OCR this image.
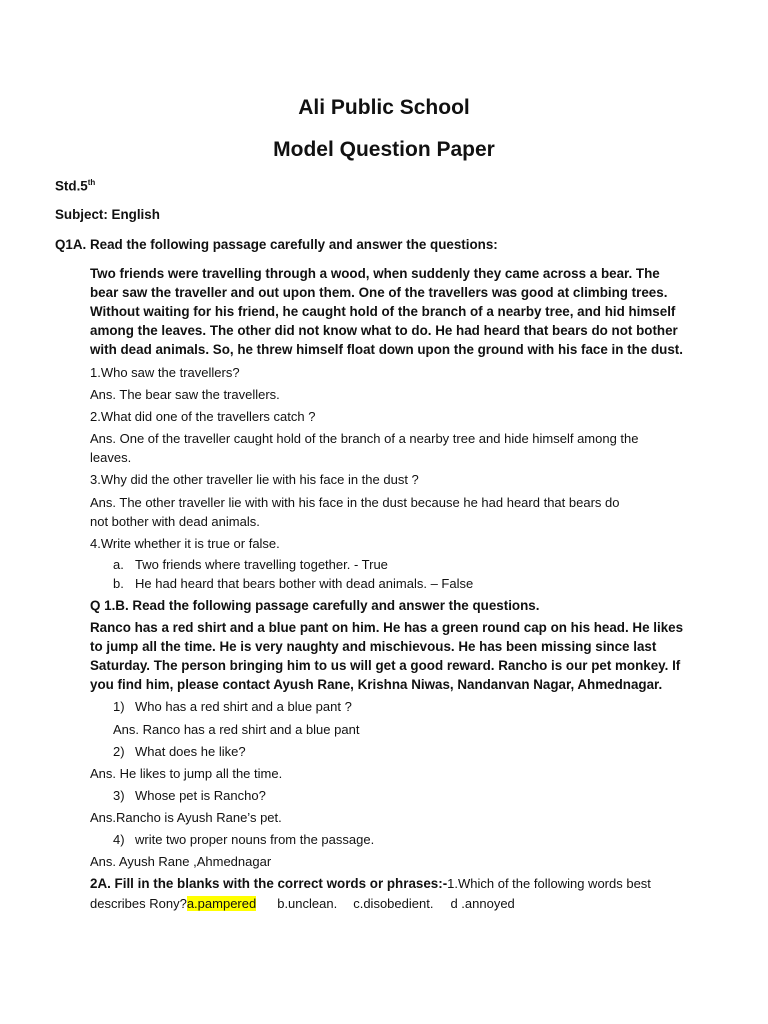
Ali Public School
Model Question Paper
Std.5th
Subject: English
Q1A. Read the following passage carefully and answer the questions:
Two friends were travelling through a wood, when suddenly they came across a bear. The
bear saw the traveller and out upon them. One of the travellers was good at climbing trees.
Without waiting for his friend, he caught hold of the branch of a nearby tree, and hid himself
among the leaves. The other did not know what to do. He had heard that bears do not bother
with dead animals. So, he threw himself float down upon the ground with his face in the dust.
1.Who saw the travellers?
Ans. The bear saw the travellers.
2.What did one of the travellers catch ?
Ans. One of the traveller caught hold of the branch of a nearby tree and hide himself among the
leaves.
3.Why did the other traveller lie with his face in the dust ?
Ans. The other traveller lie with with his face in the dust because he had heard that bears do
not bother with dead animals.
4.Write whether it is true or false.
a. Two friends where travelling together. - True
b. He had heard that bears bother with dead animals. – False
Q 1.B. Read the following passage carefully and answer the questions.
Ranco has a red shirt and a blue pant on him. He has a green round cap on his head. He likes
to jump all the time. He is very naughty and mischievous. He has been missing since last
Saturday. The person bringing him to us will get a good reward. Rancho is our pet monkey. If
you find him, please contact Ayush Rane, Krishna Niwas, Nandanvan Nagar, Ahmednagar.
1) Who has a red shirt and a blue pant ?
Ans. Ranco has a red shirt and a blue pant
2) What does he like?
Ans. He likes to jump all the time.
3) Whose pet is Rancho?
Ans.Rancho is Ayush Rane’s pet.
4) write two proper nouns from the passage.
Ans. Ayush Rane ,Ahmednagar
2A. Fill in the blanks with the correct words or phrases:-1.Which of the following words best
describes Rony?a.pampered b.unclean. c.disobedient. d .annoyed
